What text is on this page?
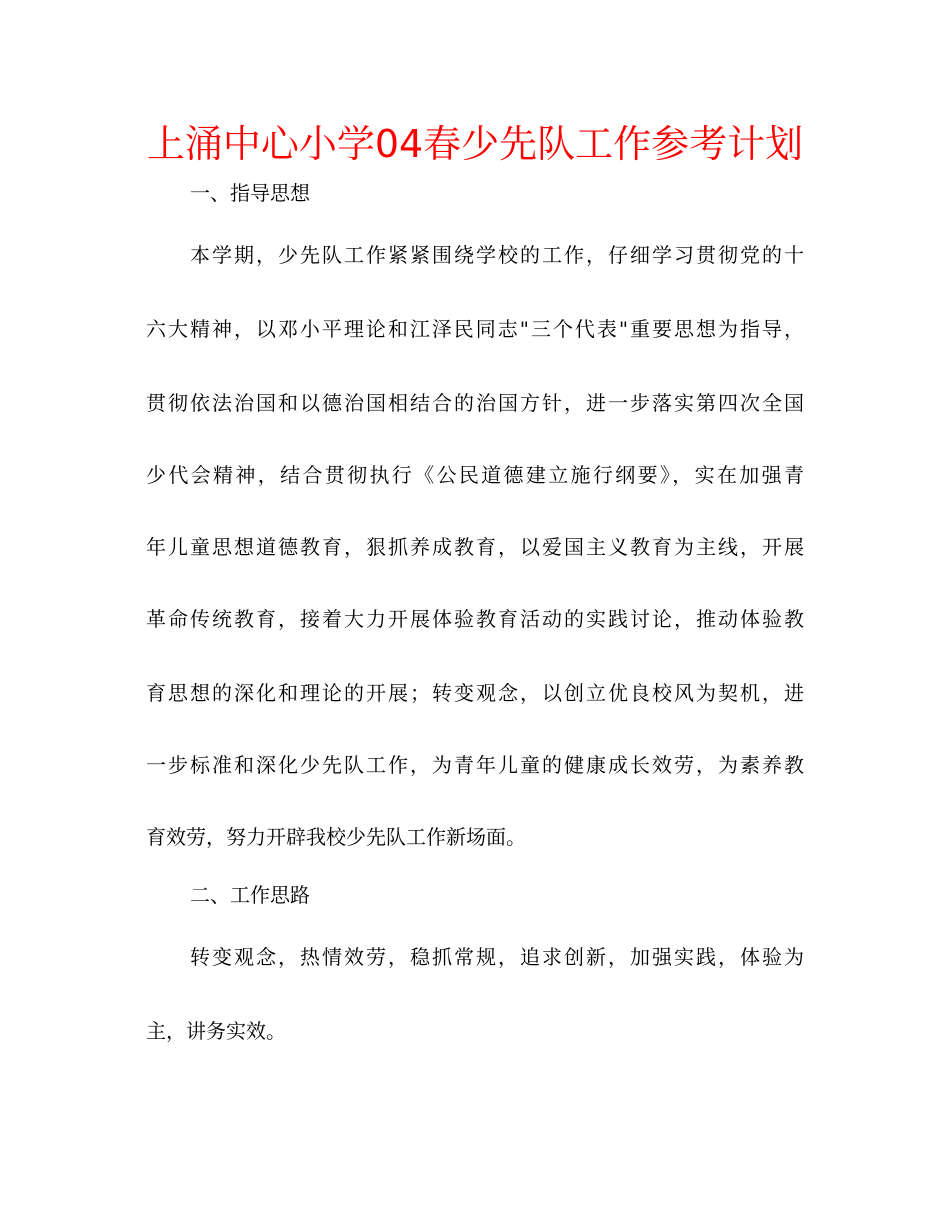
上涌中心小学04春少先队工作参考计划
一、指导思想
本学期，少先队工作紧紧围绕学校的工作，仔细学习贯彻党的十
六大精神，以邓小平理论和江泽民同志"三个代表"重要思想为指导，
贯彻依法治国和以德治国相结合的治国方针，进一步落实第四次全国
少代会精神，结合贯彻执行《公民道德建立施行纲要》，实在加强青
年儿童思想道德教育，狠抓养成教育，以爱国主义教育为主线，开展
革命传统教育，接着大力开展体验教育活动的实践讨论，推动体验教
育思想的深化和理论的开展；转变观念，以创立优良校风为契机，进
一步标准和深化少先队工作，为青年儿童的健康成长效劳，为素养教
育效劳，努力开辟我校少先队工作新场面。
二、工作思路
转变观念，热情效劳，稳抓常规，追求创新，加强实践，体验为
主，讲务实效。
